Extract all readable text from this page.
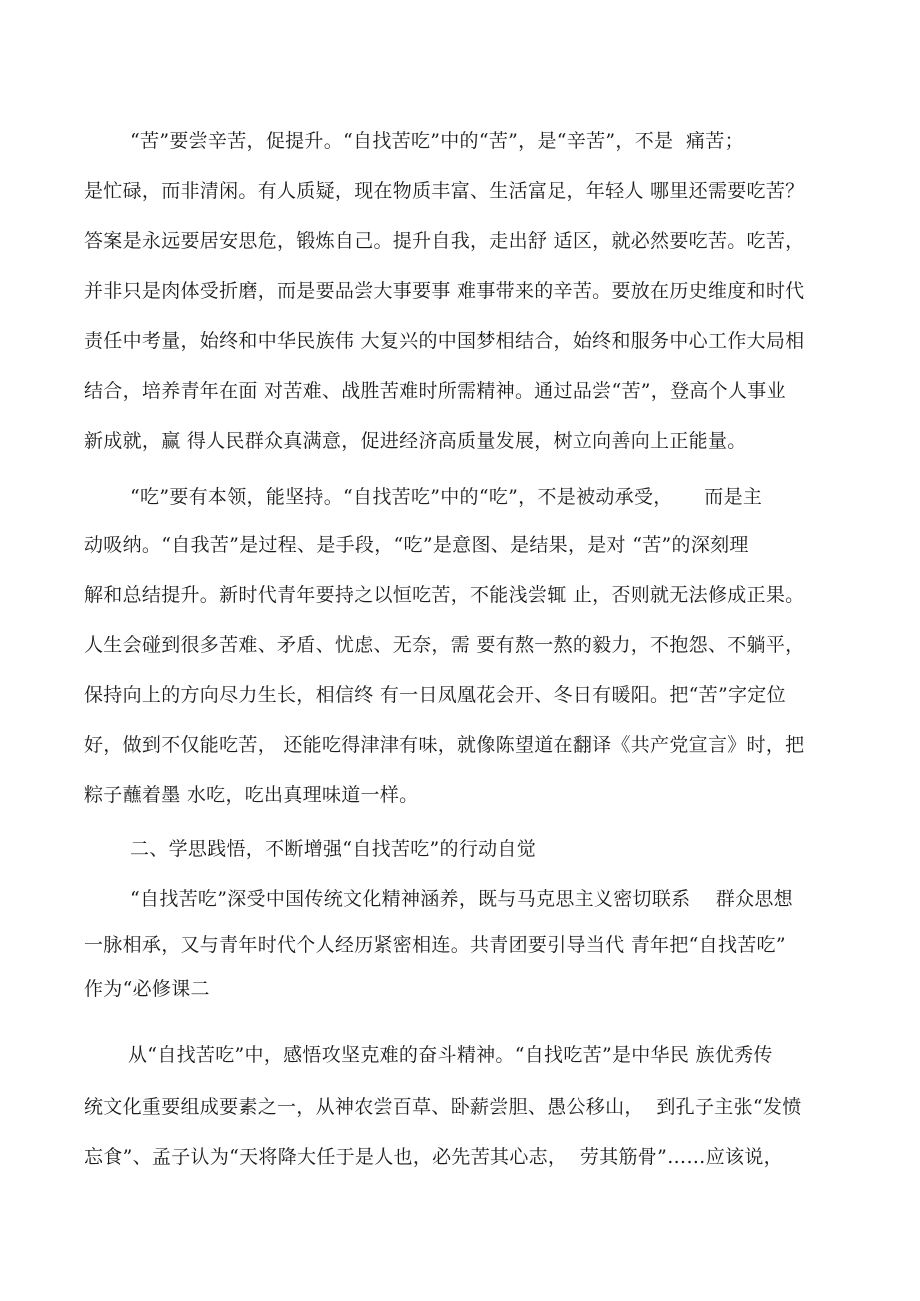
“苦”要尝辛苦，促提升。“自找苦吃”中的“苦”，是“辛苦”，不是  痛苦；
是忙碌，而非清闲。有人质疑，现在物质丰富、生活富足，年轻人 哪里还需要吃苦？
答案是永远要居安思危，锻炼自己。提升自我，走出舒 适区，就必然要吃苦。吃苦，
并非只是肉体受折磨，而是要品尝大事要事 难事带来的辛苦。要放在历史维度和时代
责任中考量，始终和中华民族伟 大复兴的中国梦相结合，始终和服务中心工作大局相
结合，培养青年在面 对苦难、战胜苦难时所需精神。通过品尝“苦”，登高个人事业
新成就，赢 得人民群众真满意，促进经济高质量发展，树立向善向上正能量。
“吃”要有本领，能坚持。“自找苦吃”中的“吃”，不是被动承受，     而是主
动吸纳。“自我苦”是过程、是手段，“吃”是意图、是结果，是对 “苦”的深刻理
解和总结提升。新时代青年要持之以恒吃苦，不能浅尝辄 止，否则就无法修成正果。
人生会碰到很多苦难、矛盾、忧虑、无奈，需 要有熬一熬的毅力，不抱怨、不躺平，
保持向上的方向尽力生长，相信终 有一日凤凰花会开、冬日有暖阳。把“苦”字定位
好，做到不仅能吃苦， 还能吃得津津有味，就像陈望道在翻译《共产党宣言》时，把
粽子蘸着墨 水吃，吃出真理味道一样。
二、学思践悟，不断增强“自找苦吃”的行动自觉
“自找苦吃”深受中国传统文化精神涵养，既与马克思主义密切联系    群众思想
一脉相承，又与青年时代个人经历紧密相连。共青团要引导当代 青年把“自找苦吃”
作为“必修课二
从“自找苦吃”中，感悟攻坚克难的奋斗精神。“自找吃苦”是中华民 族优秀传
统文化重要组成要素之一，从神农尝百草、卧薪尝胆、愚公移山，  到孔子主张“发愤
忘食”、孟子认为“天将降大任于是人也，必先苦其心志，  劳其筋骨”……应该说，
